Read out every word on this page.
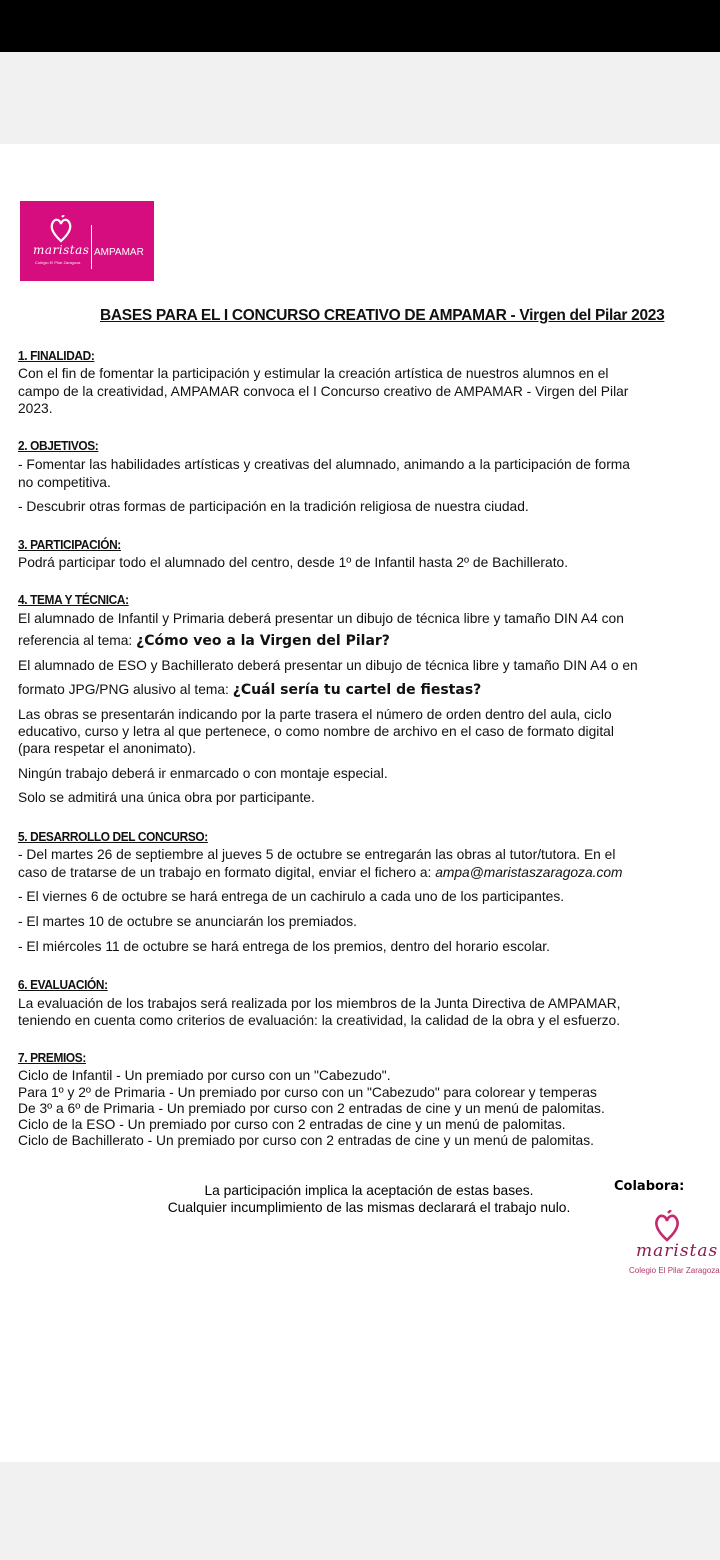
maristas AMPAMAR
Colegio El Pilar Zaragoza
BASES PARA EL I CONCURSO CREATIVO DE AMPAMAR - Virgen del Pilar 2023
1. FINALIDAD:
Con el fin de fomentar la participación y estimular la creación artística de nuestros alumnos en el
campo de la creatividad, AMPAMAR convoca el I Concurso creativo de AMPAMAR - Virgen del Pilar
2023.
2. OBJETIVOS:
- Fomentar las habilidades artísticas y creativas del alumnado, animando a la participación de forma
no competitiva.
- Descubrir otras formas de participación en la tradición religiosa de nuestra ciudad.
3. PARTICIPACIÓN:
Podrá participar todo el alumnado del centro, desde 1º de Infantil hasta 2º de Bachillerato.
4. TEMA Y TÉCNICA:
El alumnado de Infantil y Primaria deberá presentar un dibujo de técnica libre y tamaño DIN A4 con
referencia al tema: ¿Cómo veo a la Virgen del Pilar?
El alumnado de ESO y Bachillerato deberá presentar un dibujo de técnica libre y tamaño DIN A4 o en
formato JPG/PNG alusivo al tema: ¿Cuál sería tu cartel de fiestas?
Las obras se presentarán indicando por la parte trasera el número de orden dentro del aula, ciclo
educativo, curso y letra al que pertenece, o como nombre de archivo en el caso de formato digital
(para respetar el anonimato).
Ningún trabajo deberá ir enmarcado o con montaje especial.
Solo se admitirá una única obra por participante.
5. DESARROLLO DEL CONCURSO:
- Del martes 26 de septiembre al jueves 5 de octubre se entregarán las obras al tutor/tutora. En el
caso de tratarse de un trabajo en formato digital, enviar el fichero a: ampa@maristaszaragoza.com
- El viernes 6 de octubre se hará entrega de un cachirulo a cada uno de los participantes.
- El martes 10 de octubre se anunciarán los premiados.
- El miércoles 11 de octubre se hará entrega de los premios, dentro del horario escolar.
6. EVALUACIÓN:
La evaluación de los trabajos será realizada por los miembros de la Junta Directiva de AMPAMAR,
teniendo en cuenta como criterios de evaluación: la creatividad, la calidad de la obra y el esfuerzo.
7. PREMIOS:
Ciclo de Infantil - Un premiado por curso con un "Cabezudo".
Para 1º y 2º de Primaria - Un premiado por curso con un "Cabezudo" para colorear y temperas
De 3º a 6º de Primaria - Un premiado por curso con 2 entradas de cine y un menú de palomitas.
Ciclo de la ESO - Un premiado por curso con 2 entradas de cine y un menú de palomitas.
Ciclo de Bachillerato - Un premiado por curso con 2 entradas de cine y un menú de palomitas.
La participación implica la aceptación de estas bases.
Cualquier incumplimiento de las mismas declarará el trabajo nulo.
Colabora:
maristas
Colegio El Pilar Zaragoza
